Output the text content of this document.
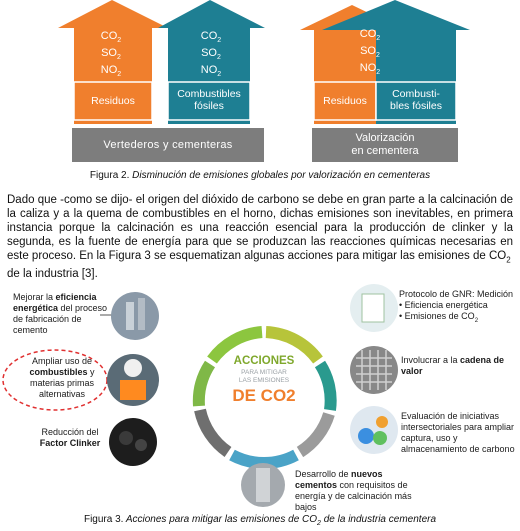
$CO_2$
$SO_2$
$NO_2$
$CO_2$
$SO_2$
$NO_2$
Residuos
Combustibles
fósiles
Vertederos y cementeras
$CO_2$
$SO_2$
$NO_2$
Residuos
Combusti-
bles fósiles
Valorización
en cementera
Figura 2. Disminución de emisiones globales por valorización en cementeras
Dado que -como se dijo- el origen del dióxido de carbono se debe en gran parte a la calcinación de
la caliza y a la quema de combustibles en el horno, dichas emisiones son inevitables, en primera
instancia porque la calcinación es una reacción esencial para la producción de clinker y la
segunda, es la fuente de energía para que se produzcan las reacciones químicas necesarias en
este proceso. En la Figura 3 se esquematizan algunas acciones para mitigar las emisiones de $CO_2$
de la industria [3].
ACCIONES
PARA MITIGAR
LAS EMISIONES
DE CO2
Mejorar la eficiencia energética del proceso de fabricación de cemento
Ampliar uso de combustibles y materias primas alternativas
Reducción del Factor Clinker
Protocolo de GNR: Medición
• Eficiencia energética
• Emisiones de $CO_2$
Involucrar a la cadena de valor
Evaluación de iniciativas intersectoriales para ampliar captura, uso y almacenamiento de carbono
Desarrollo de nuevos cementos con requisitos de energía y de calcinación más bajos
Figura 3. Acciones para mitigar las emisiones de $CO_2$ de la industria cementera
